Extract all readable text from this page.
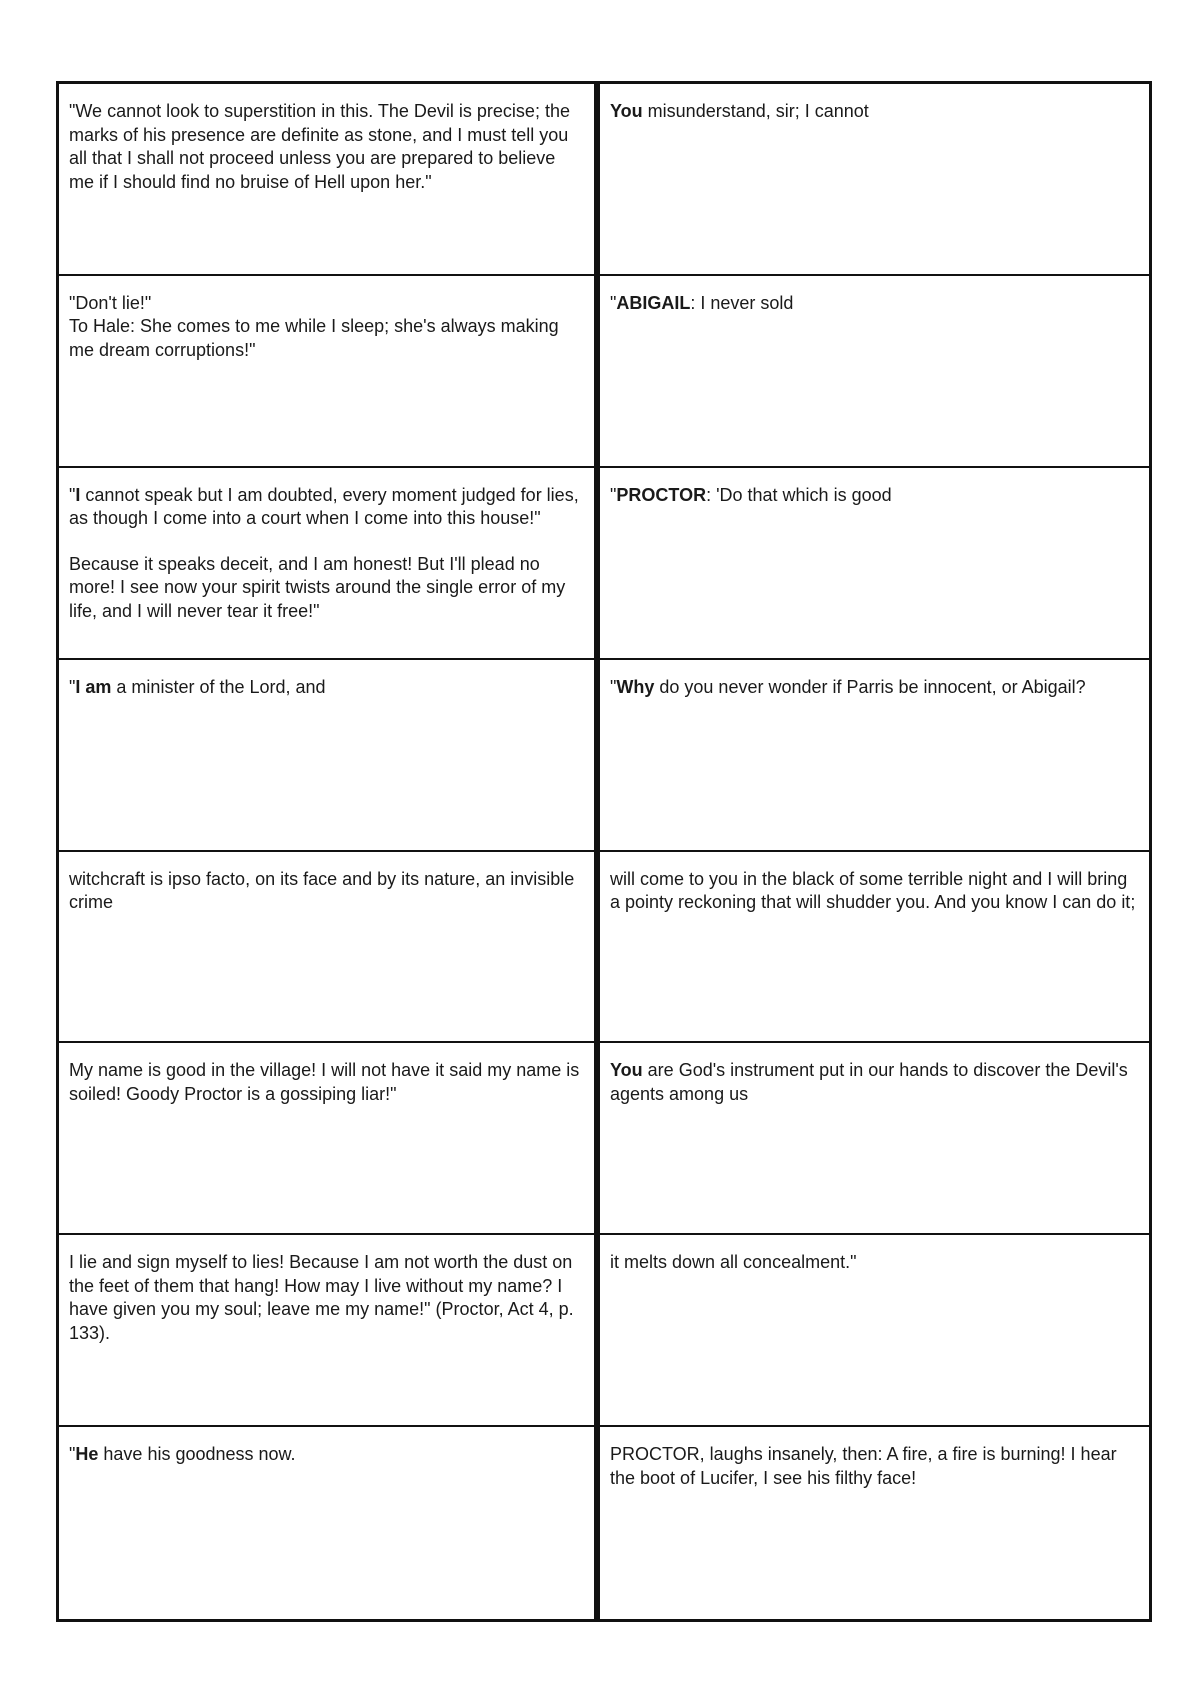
"We cannot look to superstition in this. The Devil is precise; the marks of his presence are definite as stone, and I must tell you all that I shall not proceed unless you are prepared to believe me if I should find no bruise of Hell upon her."

You misunderstand, sir; I cannot

"Don't lie!"
To Hale: She comes to me while I sleep; she's always making me dream corruptions!"

"ABIGAIL: I never sold

"I cannot speak but I am doubted, every moment judged for lies, as though I come into a court when I come into this house!"

Because it speaks deceit, and I am honest! But I'll plead no more! I see now your spirit twists around the single error of my life, and I will never tear it free!"

"PROCTOR: 'Do that which is good

"I am a minister of the Lord, and	"Why do you never wonder if Parris be innocent, or Abigail?

witchcraft is ipso facto, on its face and by its nature, an invisible crime

will come to you in the black of some terrible night and I will bring a pointy reckoning that will shudder you. And you know I can do it;

My name is good in the village! I will not have it said my name is soiled! Goody Proctor is a gossiping liar!"

You are God's instrument put in our hands to discover the Devil's agents among us

I lie and sign myself to lies! Because I am not worth the dust on the feet of them that hang! How may I live without my name? I have given you my soul; leave me my name!" (Proctor, Act 4, p. 133).

it melts down all concealment."

"He have his goodness now.	PROCTOR, laughs insanely, then: A fire, a fire is burning! I hear the boot of Lucifer, I see his filthy face!
